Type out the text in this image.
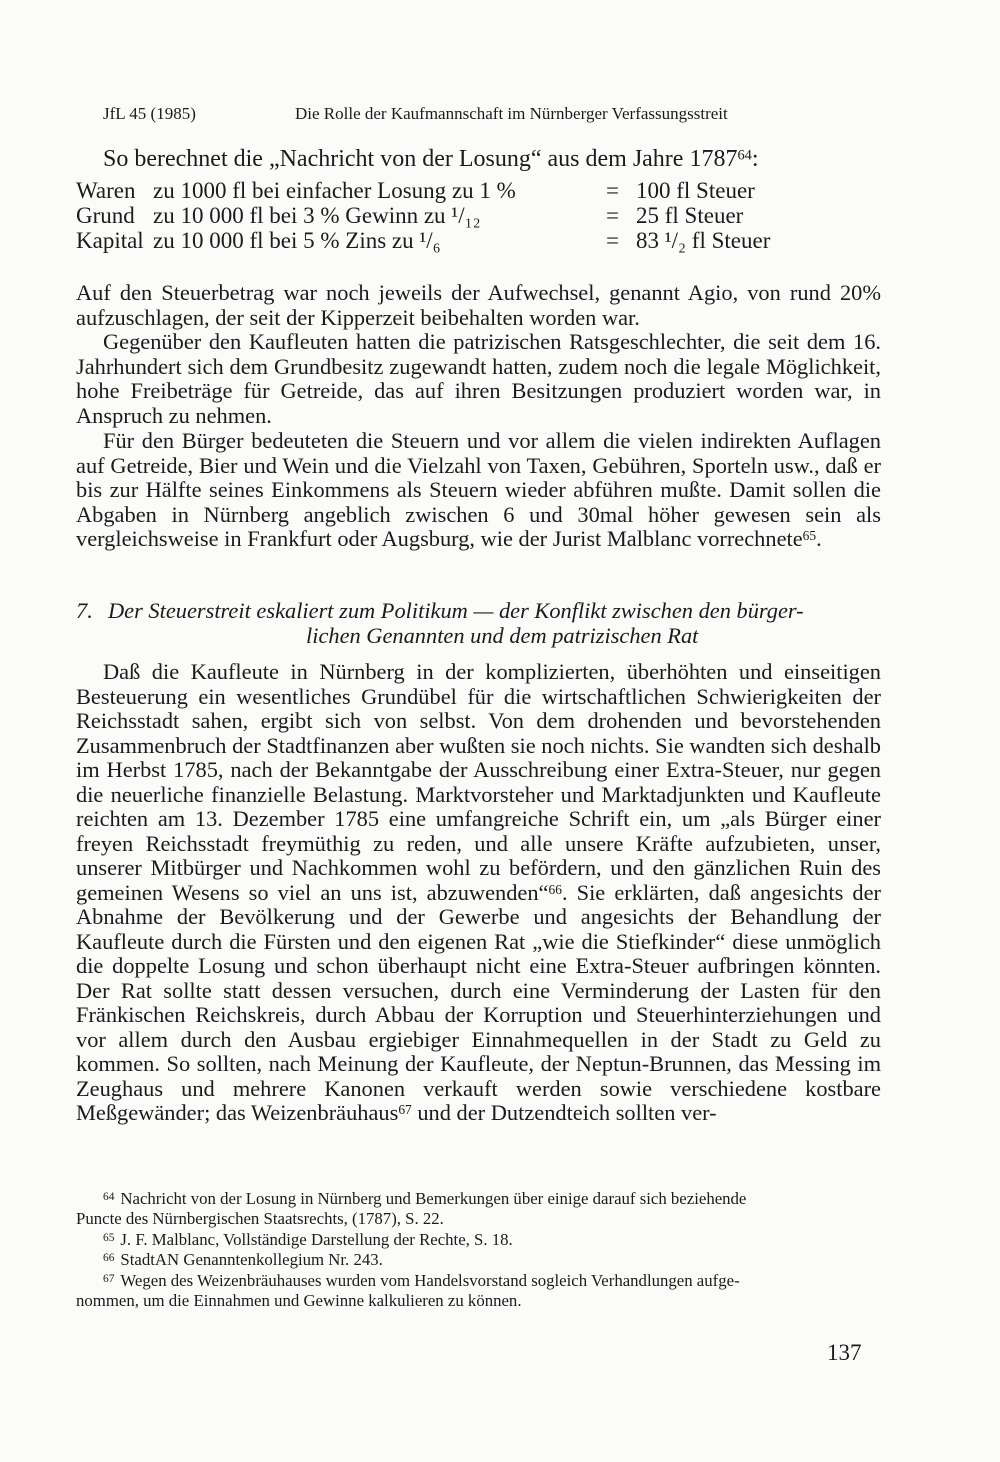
JfL 45 (1985)	Die Rolle der Kaufmannschaft im Nürnberger Verfassungsstreit
So berechnet die „Nachricht von der Losung“ aus dem Jahre 1787$^{64}$:
Waren zu 1000 fl bei einfacher Losung zu 1 %	= 100 fl Steuer
Grund zu 10 000 fl bei 3 % Gewinn zu ¹/₁₂	= 25 fl Steuer
Kapital zu 10 000 fl bei 5 % Zins zu ¹/₆	= 83 ¹/₂ fl Steuer

Auf den Steuerbetrag war noch jeweils der Aufwechsel, genannt Agio, von rund 20% aufzuschlagen, der seit der Kipperzeit beibehalten worden war.

Gegenüber den Kaufleuten hatten die patrizischen Ratsgeschlechter, die seit dem 16. Jahrhundert sich dem Grundbesitz zugewandt hatten, zudem noch die legale Möglichkeit, hohe Freibeträge für Getreide, das auf ihren Besitzungen produziert worden war, in Anspruch zu nehmen.

Für den Bürger bedeuteten die Steuern und vor allem die vielen indirekten Auflagen auf Getreide, Bier und Wein und die Vielzahl von Taxen, Gebühren, Sporteln usw., daß er bis zur Hälfte seines Einkommens als Steuern wieder abführen mußte. Damit sollen die Abgaben in Nürnberg angeblich zwischen 6 und 30mal höher gewesen sein als vergleichsweise in Frankfurt oder Augsburg, wie der Jurist Malblanc vorrechnete$^{65}$.

7. Der Steuerstreit eskaliert zum Politikum — der Konflikt zwischen den bürger-
lichen Genannten und dem patrizischen Rat

Daß die Kaufleute in Nürnberg in der komplizierten, überhöhten und einseitigen Besteuerung ein wesentliches Grundübel für die wirtschaftlichen Schwierigkeiten der Reichsstadt sahen, ergibt sich von selbst. Von dem drohenden und bevorstehenden Zusammenbruch der Stadtfinanzen aber wußten sie noch nichts. Sie wandten sich deshalb im Herbst 1785, nach der Bekanntgabe der Ausschreibung einer Extra-Steuer, nur gegen die neuerliche finanzielle Belastung. Marktvorsteher und Marktadjunkten und Kaufleute reichten am 13. Dezember 1785 eine umfangreiche Schrift ein, um „als Bürger einer freyen Reichsstadt freymüthig zu reden, und alle unsere Kräfte aufzubieten, unser, unserer Mitbürger und Nachkommen wohl zu befördern, und den gänzlichen Ruin des gemeinen Wesens so viel an uns ist, abzuwenden“$^{66}$. Sie erklärten, daß angesichts der Abnahme der Bevölkerung und der Gewerbe und angesichts der Behandlung der Kaufleute durch die Fürsten und den eigenen Rat „wie die Stiefkinder“ diese unmöglich die doppelte Losung und schon überhaupt nicht eine Extra-Steuer aufbringen könnten. Der Rat sollte statt dessen versuchen, durch eine Verminderung der Lasten für den Fränkischen Reichskreis, durch Abbau der Korruption und Steuerhinterziehungen und vor allem durch den Ausbau ergiebiger Einnahmequellen in der Stadt zu Geld zu kommen. So sollten, nach Meinung der Kaufleute, der Neptun-Brunnen, das Messing im Zeughaus und mehrere Kanonen verkauft werden sowie verschiedene kostbare Meßgewänder; das Weizenbräuhaus$^{67}$ und der Dutzendteich sollten ver-

$^{64}$ Nachricht von der Losung in Nürnberg und Bemerkungen über einige darauf sich beziehende
Puncte des Nürnbergischen Staatsrechts, (1787), S. 22.

$^{65}$ J. F. Malblanc, Vollständige Darstellung der Rechte, S. 18.

$^{66}$ StadtAN Genanntenkollegium Nr. 243.

$^{67}$ Wegen des Weizenbräuhauses wurden vom Handelsvorstand sogleich Verhandlungen aufge-
nommen, um die Einnahmen und Gewinne kalkulieren zu können.

137
